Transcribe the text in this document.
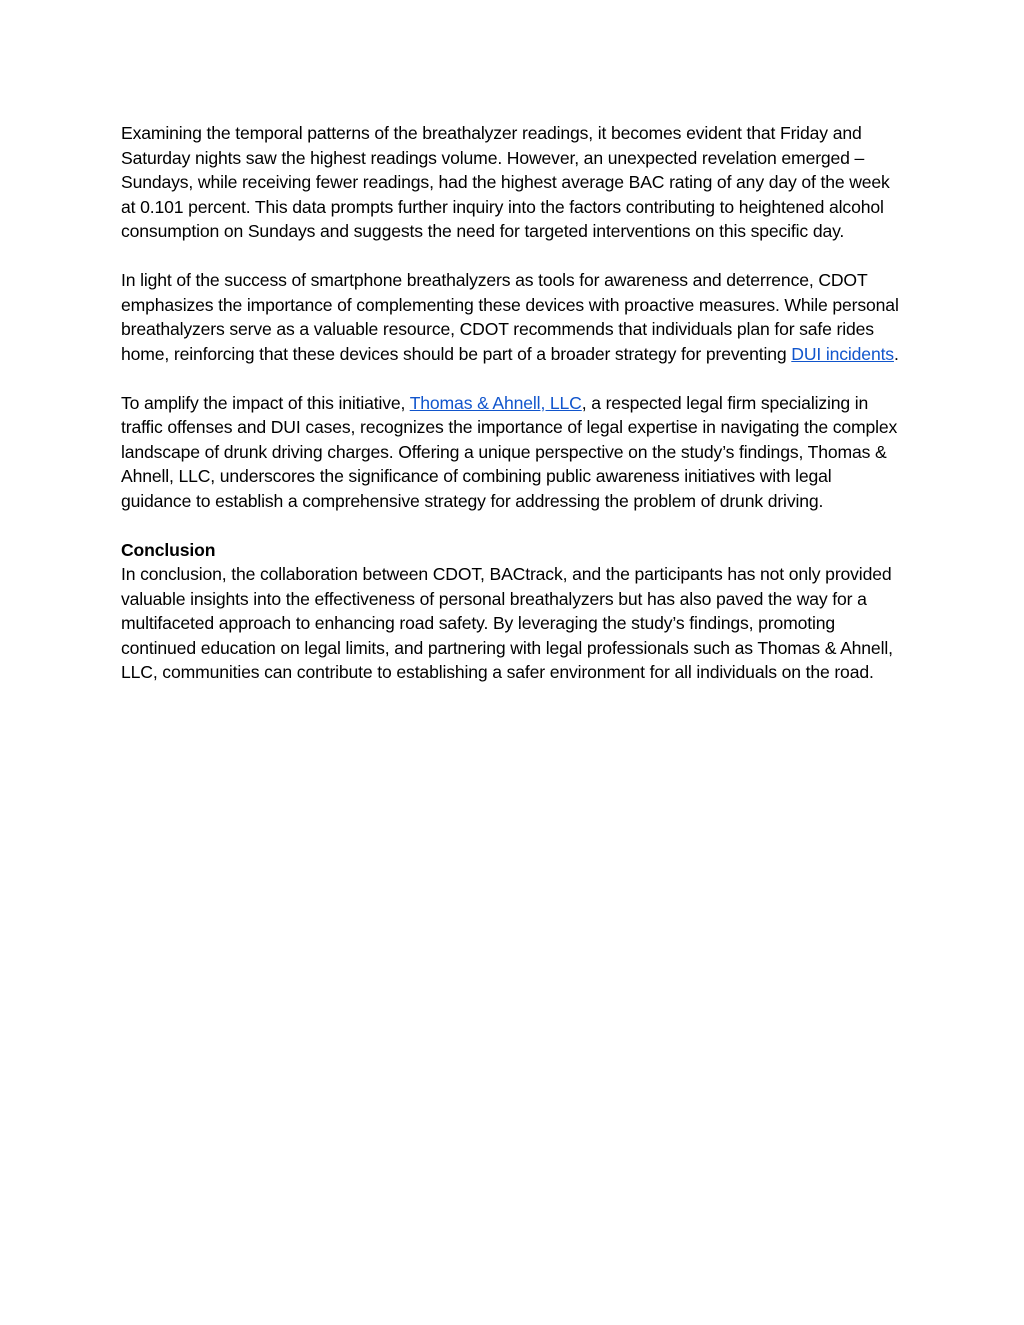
Examining the temporal patterns of the breathalyzer readings, it becomes evident that Friday and Saturday nights saw the highest readings volume. However, an unexpected revelation emerged – Sundays, while receiving fewer readings, had the highest average BAC rating of any day of the week at 0.101 percent. This data prompts further inquiry into the factors contributing to heightened alcohol consumption on Sundays and suggests the need for targeted interventions on this specific day.

In light of the success of smartphone breathalyzers as tools for awareness and deterrence, CDOT emphasizes the importance of complementing these devices with proactive measures. While personal breathalyzers serve as a valuable resource, CDOT recommends that individuals plan for safe rides home, reinforcing that these devices should be part of a broader strategy for preventing DUI incidents.

To amplify the impact of this initiative, Thomas & Ahnell, LLC, a respected legal firm specializing in traffic offenses and DUI cases, recognizes the importance of legal expertise in navigating the complex landscape of drunk driving charges. Offering a unique perspective on the study’s findings, Thomas & Ahnell, LLC, underscores the significance of combining public awareness initiatives with legal guidance to establish a comprehensive strategy for addressing the problem of drunk driving.

Conclusion

In conclusion, the collaboration between CDOT, BACtrack, and the participants has not only provided valuable insights into the effectiveness of personal breathalyzers but has also paved the way for a multifaceted approach to enhancing road safety. By leveraging the study’s findings, promoting continued education on legal limits, and partnering with legal professionals such as Thomas & Ahnell, LLC, communities can contribute to establishing a safer environment for all individuals on the road.
